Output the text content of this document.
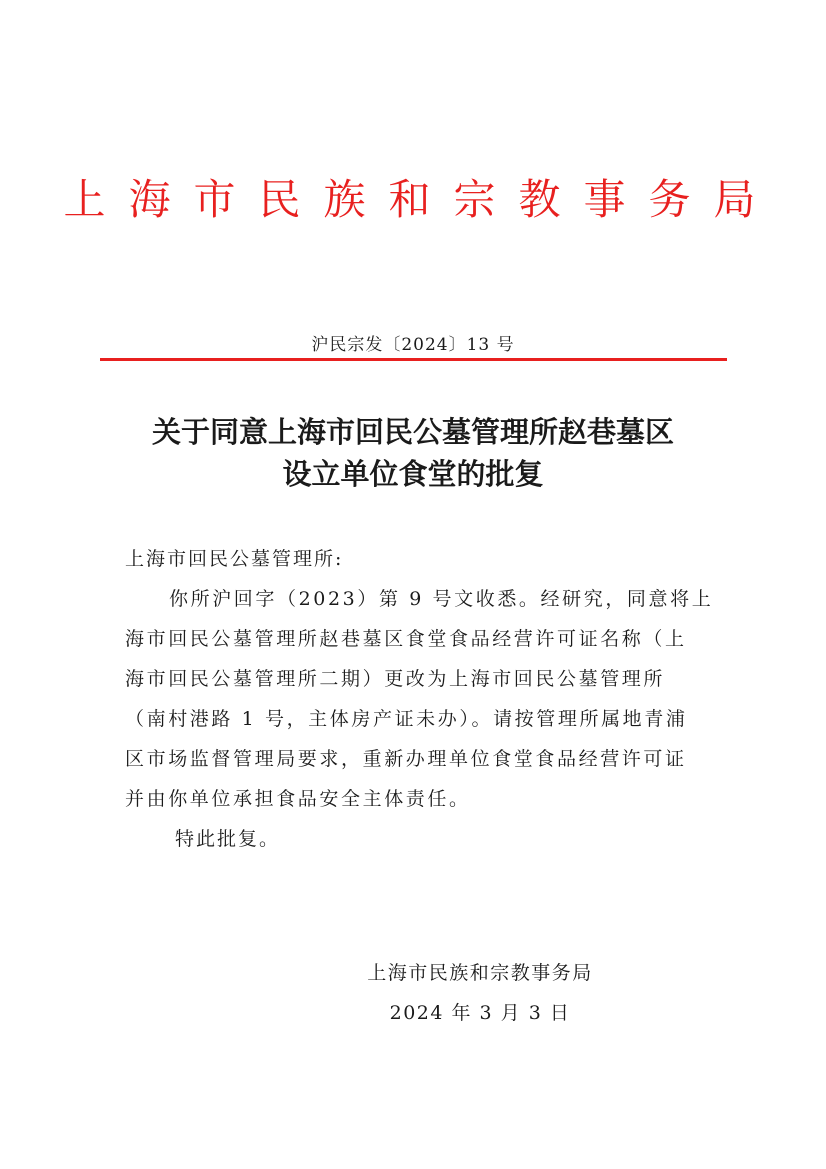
上海市民族和宗教事务局
沪民宗发〔2024〕13 号
关于同意上海市回民公墓管理所赵巷墓区
设立单位食堂的批复

上海市回民公墓管理所:

你所沪回字（2023）第 9 号文收悉。经研究，同意将上
海市回民公墓管理所赵巷墓区食堂食品经营许可证名称（上
海市回民公墓管理所二期）更改为上海市回民公墓管理所
（南村港路 1 号，主体房产证未办）。请按管理所属地青浦
区市场监督管理局要求，重新办理单位食堂食品经营许可证
并由你单位承担食品安全主体责任。

特此批复。

上海市民族和宗教事务局
2024 年 3 月 3 日
